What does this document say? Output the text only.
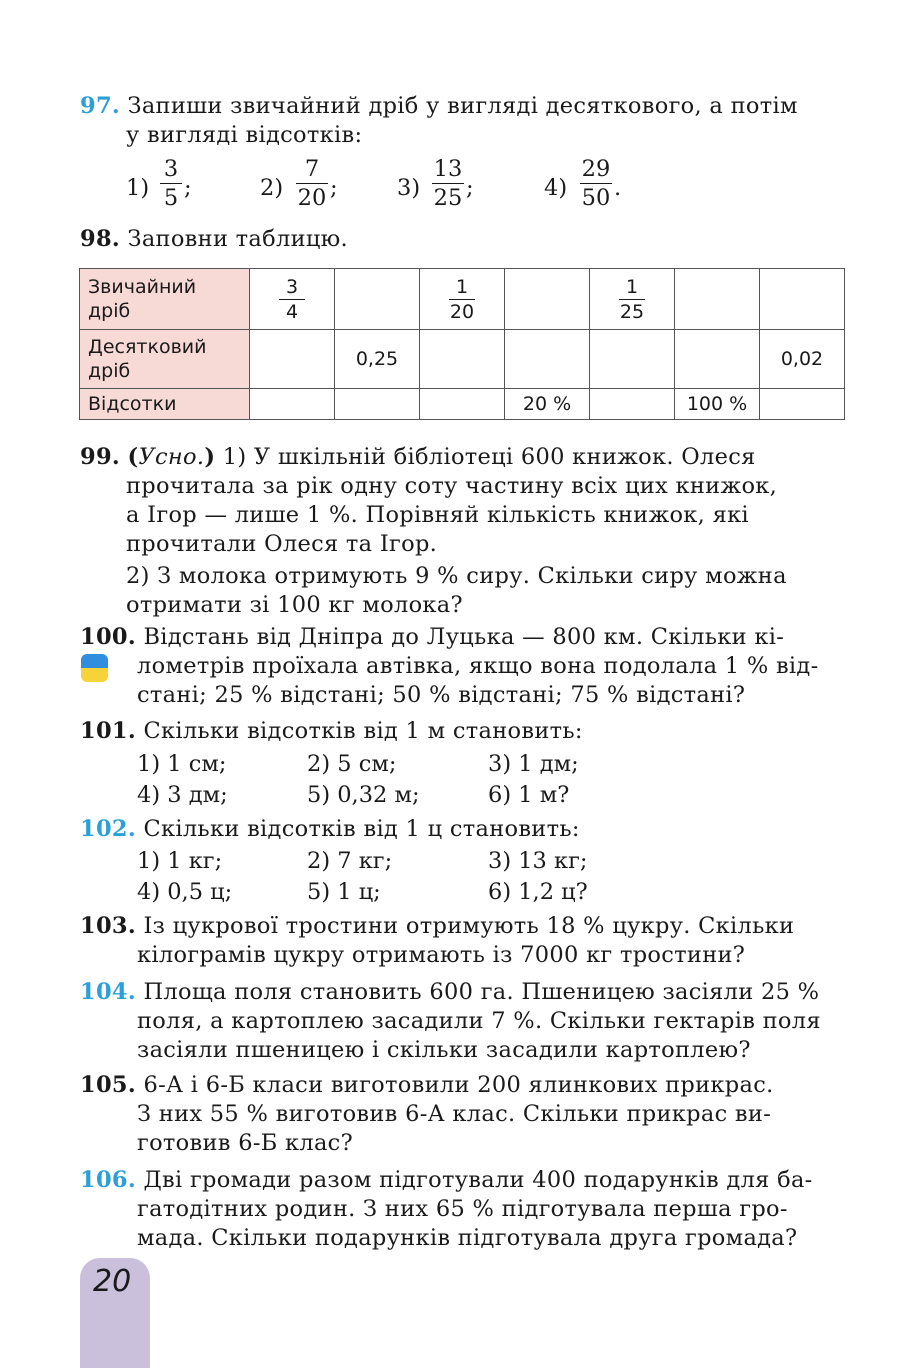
97. Запиши звичайний дріб у вигляді десяткового, а потім
у вигляді відсотків:
1)
3
5 ;	2)
7
20 ;	3)
13
25 ;	4)
29
50 .
98. Заповни таблицю.
Звичайний
дріб	$\frac{3}{4}$		$\frac{1}{20}$		$\frac{1}{25}$		

Десятковий
дріб		0,25					0,02
Відсотки				20 %		100 %	
99. (Усно.) 1) У шкільній бібліотеці 600 книжок. Олеся
прочитала за рік одну соту частину всіх цих книжок,
а Ігор — лише 1 %. Порівняй кількість книжок, які
прочитали Олеся та Ігор.
2) З молока отримують 9 % сиру. Скільки сиру можна
отримати зі 100 кг молока?
100. Відстань від Дніпра до Луцька — 800 км. Скільки кі-
лометрів проїхала автівка, якщо вона подолала 1 % від-
стані; 25 % відстані; 50 % відстані; 75 % відстані?
101. Скільки відсотків від 1 м становить:
1) 1 см;	2) 5 см;	3) 1 дм;
4) 3 дм;	5) 0,32 м;	6) 1 м?
102. Скільки відсотків від 1 ц становить:
1) 1 кг;	2) 7 кг;	3) 13 кг;
4) 0,5 ц;	5) 1 ц;	6) 1,2 ц?
103. Із цукрової тростини отримують 18 % цукру. Скільки
кілограмів цукру отримають із 7000 кг тростини?
104. Площа поля становить 600 га. Пшеницею засіяли 25 %
поля, а картоплею засадили 7 %. Скільки гектарів поля
засіяли пшеницею і скільки засадили картоплею?
105. 6-А і 6-Б класи виготовили 200 ялинкових прикрас.
З них 55 % виготовив 6-А клас. Скільки прикрас ви-
готовив 6-Б клас?
106. Дві громади разом підготували 400 подарунків для ба-
гатодітних родин. З них 65 % підготувала перша гро-
мада. Скільки подарунків підготувала друга громада?
20
